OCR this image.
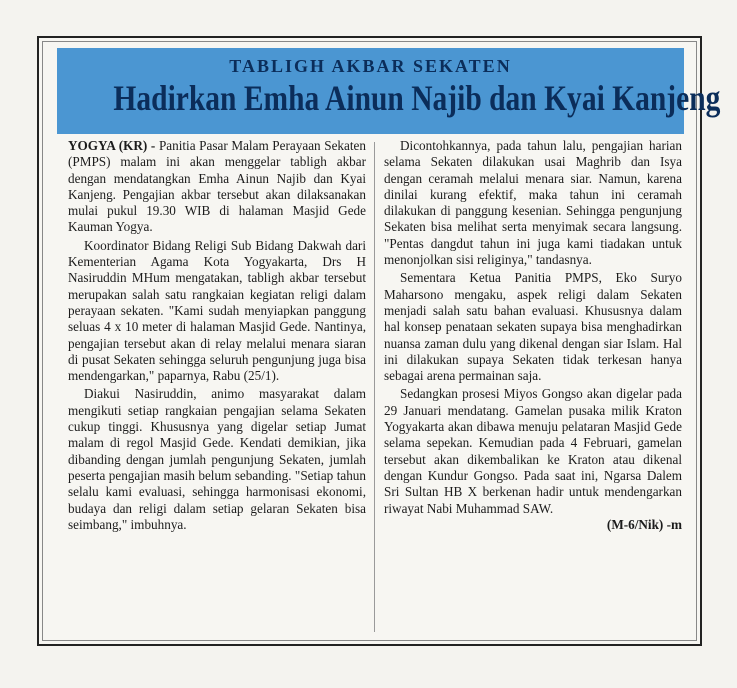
TABLIGH AKBAR SEKATEN
Hadirkan Emha Ainun Najib dan Kyai Kanjeng

YOGYA (KR) - Panitia Pasar Malam Perayaan Sekaten (PMPS) malam ini akan menggelar tabligh akbar dengan mendatangkan Emha Ainun Najib dan Kyai Kanjeng. Pengajian akbar tersebut akan dilaksanakan mulai pukul 19.30 WIB di halaman Masjid Gede Kauman Yogya.

Koordinator Bidang Religi Sub Bidang Dakwah dari Kementerian Agama Kota Yogyakarta, Drs H Nasiruddin MHum mengatakan, tabligh akbar tersebut merupakan salah satu rangkaian kegiatan religi dalam perayaan sekaten. "Kami sudah menyiapkan panggung seluas 4 x 10 meter di halaman Masjid Gede. Nantinya, pengajian tersebut akan di relay melalui menara siaran di pusat Sekaten sehingga seluruh pengunjung juga bisa mendengarkan," paparnya, Rabu (25/1).

Diakui Nasiruddin, animo masyarakat dalam mengikuti setiap rangkaian pengajian selama Sekaten cukup tinggi. Khususnya yang digelar setiap Jumat malam di regol Masjid Gede. Kendati demikian, jika dibanding dengan jumlah pengunjung Sekaten, jumlah peserta pengajian masih belum sebanding. "Setiap tahun selalu kami evaluasi, sehingga harmonisasi ekonomi, budaya dan religi dalam setiap gelaran Sekaten bisa seimbang," imbuhnya.

Dicontohkannya, pada tahun lalu, pengajian harian selama Sekaten dilakukan usai Maghrib dan Isya dengan ceramah melalui menara siar. Namun, karena dinilai kurang efektif, maka tahun ini ceramah dilakukan di panggung kesenian. Sehingga pengunjung Sekaten bisa melihat serta menyimak secara langsung. "Pentas dangdut tahun ini juga kami tiadakan untuk menonjolkan sisi religinya," tandasnya.

Sementara Ketua Panitia PMPS, Eko Suryo Maharsono mengaku, aspek religi dalam Sekaten menjadi salah satu bahan evaluasi. Khususnya dalam hal konsep penataan sekaten supaya bisa menghadirkan nuansa zaman dulu yang dikenal dengan siar Islam. Hal ini dilakukan supaya Sekaten tidak terkesan hanya sebagai arena permainan saja.

Sedangkan prosesi Miyos Gongso akan digelar pada 29 Januari mendatang. Gamelan pusaka milik Kraton Yogyakarta akan dibawa menuju pelataran Masjid Gede selama sepekan. Kemudian pada 4 Februari, gamelan tersebut akan dikembalikan ke Kraton atau dikenal dengan Kundur Gongso. Pada saat ini, Ngarsa Dalem Sri Sultan HB X berkenan hadir untuk mendengarkan riwayat Nabi Muhammad SAW.

(M-6/Nik) -m
